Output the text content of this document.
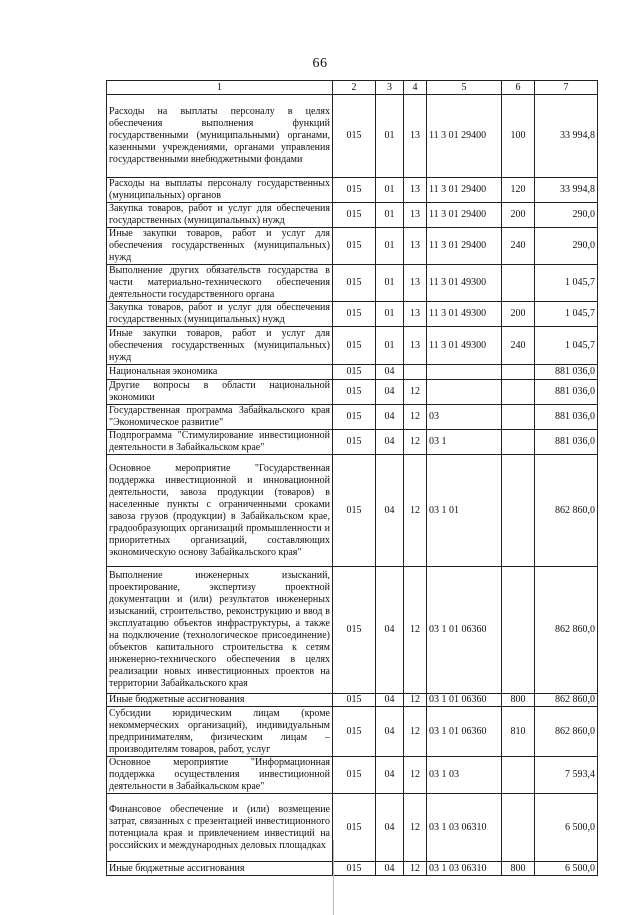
66
1	2	3	4	5	6	7
Расходы на выплаты персоналу в целях обеспечения выполнения функций государственными (муниципальными) органами, казенными учреждениями, органами управления государственными внебюджетными фондами	015	01	13	11 3 01 29400	100	33 994,8
Расходы на выплаты персоналу государственных (муниципальных) органов	015	01	13	11 3 01 29400	120	33 994,8
Закупка товаров, работ и услуг для обеспечения государственных (муниципальных) нужд	015	01	13	11 3 01 29400	200	290,0
Иные закупки товаров, работ и услуг для обеспечения государственных (муниципальных) нужд	015	01	13	11 3 01 29400	240	290,0
Выполнение других обязательств государства в части материально-технического обеспечения деятельности государственного органа	015	01	13	11 3 01 49300		1 045,7
Закупка товаров, работ и услуг для обеспечения государственных (муниципальных) нужд	015	01	13	11 3 01 49300	200	1 045,7
Иные закупки товаров, работ и услуг для обеспечения государственных (муниципальных) нужд	015	01	13	11 3 01 49300	240	1 045,7
Национальная экономика	015	04				881 036,0
Другие вопросы в области национальной экономики	015	04	12			881 036,0
Государственная программа Забайкальского края "Экономическое развитие"	015	04	12	03		881 036,0
Подпрограмма "Стимулирование инвестиционной деятельности в Забайкальском крае"	015	04	12	03 1		881 036,0
Основное мероприятие "Государственная поддержка инвестиционной и инновационной деятельности, завоза продукции (товаров) в населенные пункты с ограниченными сроками завоза грузов (продукции) в Забайкальском крае, градообразующих организаций промышленности и приоритетных организаций, составляющих экономическую основу Забайкальского края"	015	04	12	03 1 01		862 860,0
Выполнение инженерных изысканий, проектирование, экспертизу проектной документации и (или) результатов инженерных изысканий, строительство, реконструкцию и ввод в эксплуатацию объектов инфраструктуры, а также на подключение (технологическое присоединение) объектов капитального строительства к сетям инженерно-технического обеспечения в целях реализации новых инвестиционных проектов на территории Забайкальского края	015	04	12	03 1 01 06360		862 860,0
Иные бюджетные ассигнования	015	04	12	03 1 01 06360	800	862 860,0
Субсидии юридическим лицам (кроме некоммерческих организаций), индивидуальным предпринимателям, физическим лицам – производителям товаров, работ, услуг	015	04	12	03 1 01 06360	810	862 860,0
Основное мероприятие "Информационная поддержка осуществления инвестиционной деятельности в Забайкальском крае"	015	04	12	03 1 03		7 593,4
Финансовое обеспечение и (или) возмещение затрат, связанных с презентацией инвестиционного потенциала края и привлечением инвестиций на российских и международных деловых площадках	015	04	12	03 1 03 06310		6 500,0
Иные бюджетные ассигнования	015	04	12	03 1 03 06310	800	6 500,0
